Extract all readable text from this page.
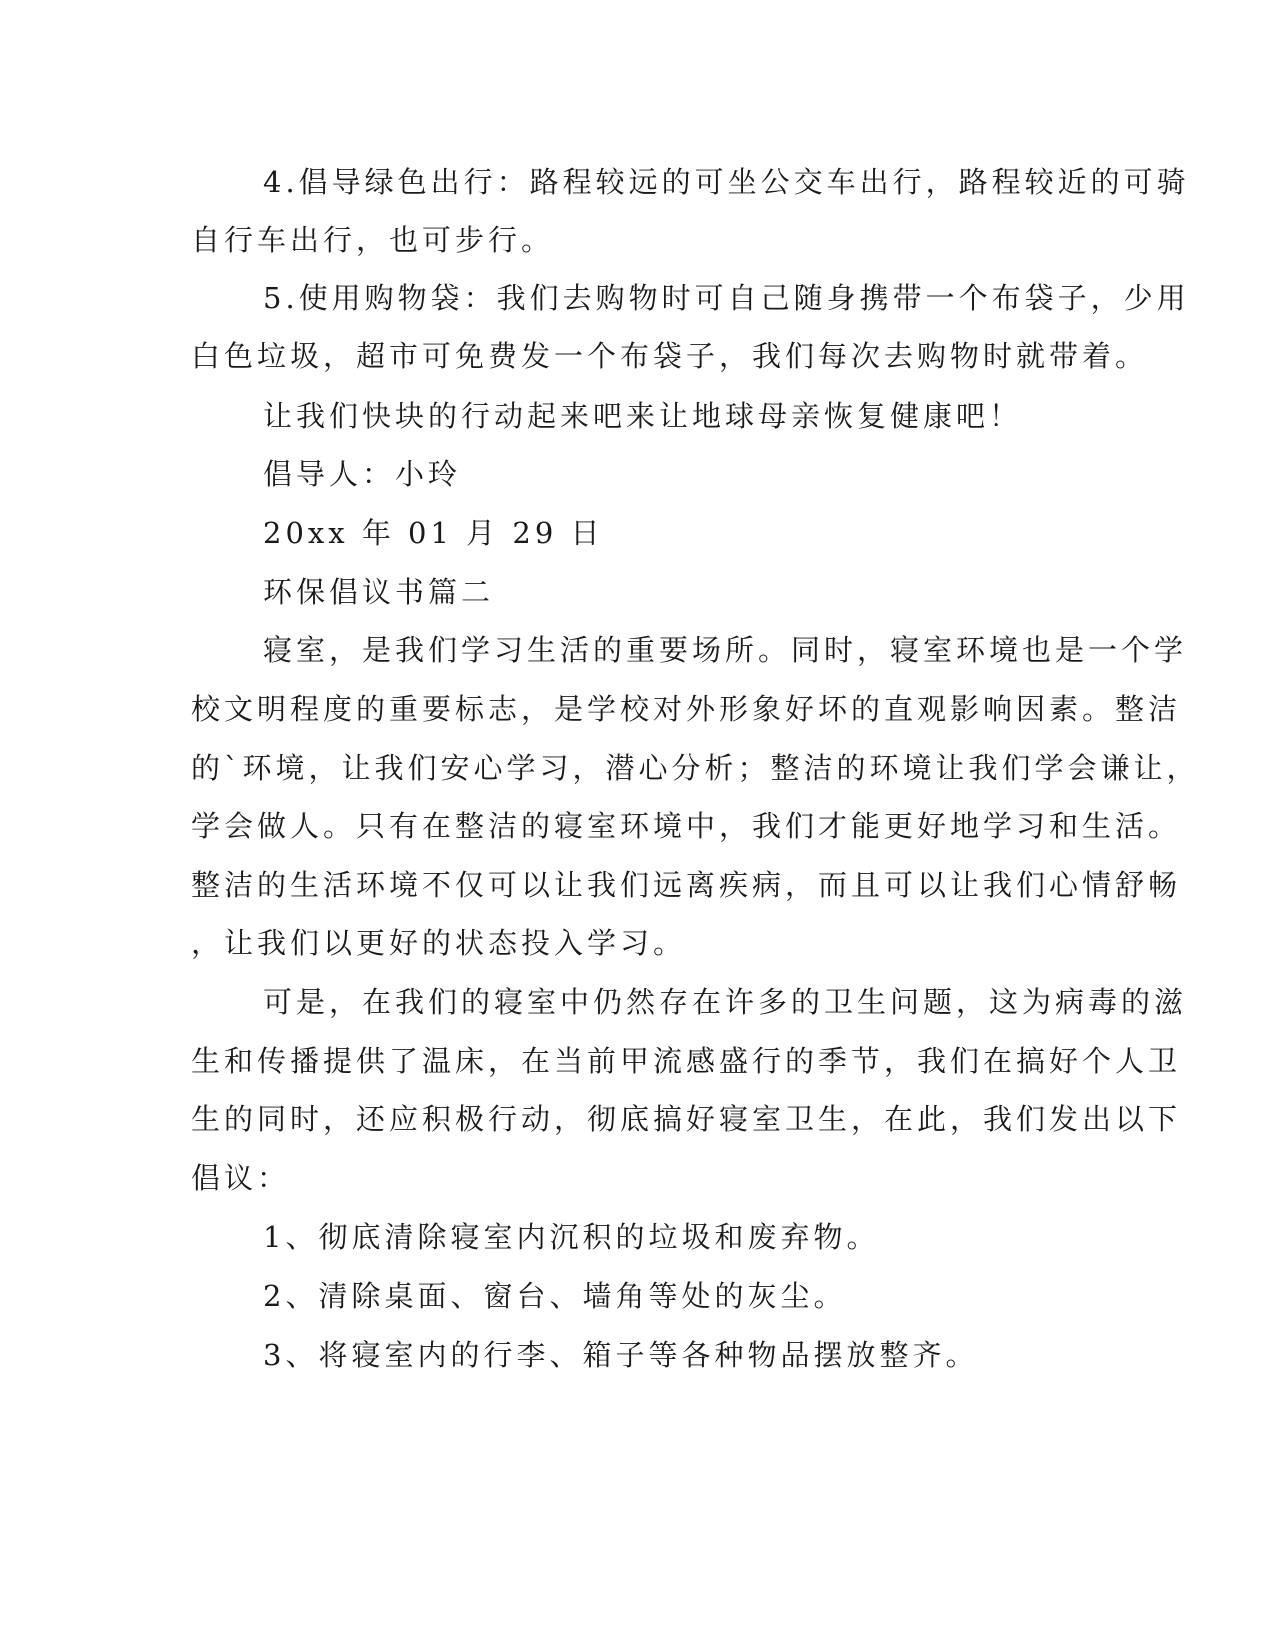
4.倡导绿色出行：路程较远的可坐公交车出行，路程较近的可骑
自行车出行，也可步行。
5.使用购物袋：我们去购物时可自己随身携带一个布袋子，少用
白色垃圾，超市可免费发一个布袋子，我们每次去购物时就带着。
让我们快块的行动起来吧来让地球母亲恢复健康吧！
倡导人：小玲
20xx 年 01 月 29 日
环保倡议书篇二
寝室，是我们学习生活的重要场所。同时，寝室环境也是一个学
校文明程度的重要标志，是学校对外形象好坏的直观影响因素。整洁
的`环境，让我们安心学习，潜心分析；整洁的环境让我们学会谦让，
学会做人。只有在整洁的寝室环境中，我们才能更好地学习和生活。
整洁的生活环境不仅可以让我们远离疾病，而且可以让我们心情舒畅
，让我们以更好的状态投入学习。
可是，在我们的寝室中仍然存在许多的卫生问题，这为病毒的滋
生和传播提供了温床，在当前甲流感盛行的季节，我们在搞好个人卫
生的同时，还应积极行动，彻底搞好寝室卫生，在此，我们发出以下
倡议：
1、彻底清除寝室内沉积的垃圾和废弃物。
2、清除桌面、窗台、墙角等处的灰尘。
3、将寝室内的行李、箱子等各种物品摆放整齐。
